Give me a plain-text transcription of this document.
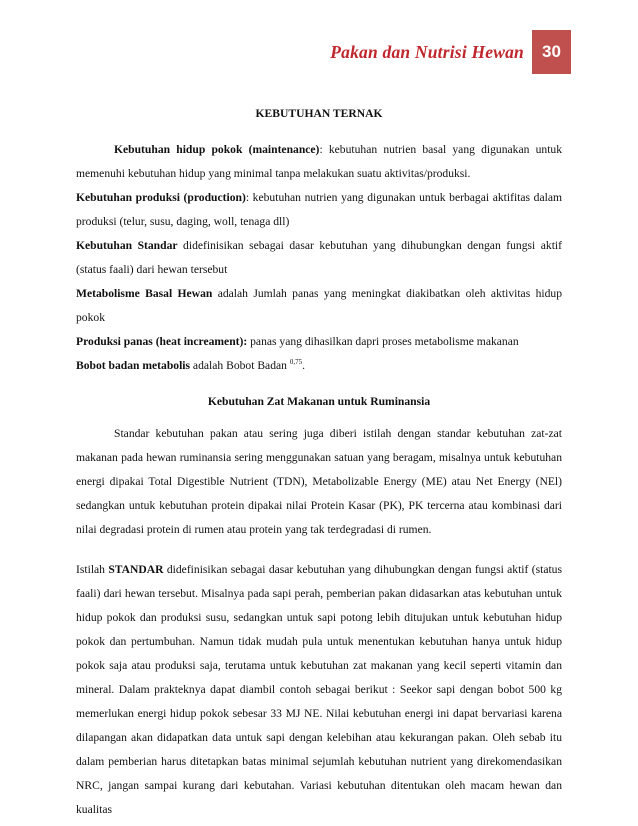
Pakan dan Nutrisi Hewan	30

KEBUTUHAN TERNAK

Kebutuhan hidup pokok (maintenance): kebutuhan nutrien basal yang digunakan untuk memenuhi kebutuhan hidup yang minimal tanpa melakukan suatu aktivitas/produksi.

Kebutuhan produksi (production): kebutuhan nutrien yang digunakan untuk berbagai aktifitas dalam produksi (telur, susu, daging, woll, tenaga dll)

Kebutuhan Standar didefinisikan sebagai dasar kebutuhan yang dihubungkan dengan fungsi aktif (status faali) dari hewan tersebut

Metabolisme Basal Hewan adalah Jumlah panas yang meningkat diakibatkan oleh aktivitas hidup pokok

Produksi panas (heat increament): panas yang dihasilkan dapri proses metabolisme makanan

Bobot badan metabolis adalah Bobot Badan $^{0,75}$.

Kebutuhan Zat Makanan untuk Ruminansia

Standar kebutuhan pakan atau sering juga diberi istilah dengan standar kebutuhan zat-zat makanan pada hewan ruminansia sering menggunakan satuan yang beragam, misalnya untuk kebutuhan energi dipakai Total Digestible Nutrient (TDN), Metabolizable Energy (ME) atau Net Energy (NEl) sedangkan untuk kebutuhan protein dipakai nilai Protein Kasar (PK), PK tercerna atau kombinasi dari nilai degradasi protein di rumen atau protein yang tak terdegradasi di rumen.

Istilah STANDAR didefinisikan sebagai dasar kebutuhan yang dihubungkan dengan fungsi aktif (status faali) dari hewan tersebut. Misalnya pada sapi perah, pemberian pakan didasarkan atas kebutuhan untuk hidup pokok dan produksi susu, sedangkan untuk sapi potong lebih ditujukan untuk kebutuhan hidup pokok dan pertumbuhan. Namun tidak mudah pula untuk menentukan kebutuhan hanya untuk hidup pokok saja atau produksi saja, terutama untuk kebutuhan zat makanan yang kecil seperti vitamin dan mineral. Dalam prakteknya dapat diambil contoh sebagai berikut : Seekor sapi dengan bobot 500 kg memerlukan energi hidup pokok sebesar 33 MJ NE. Nilai kebutuhan energi ini dapat bervariasi karena dilapangan akan didapatkan data untuk sapi dengan kelebihan atau kekurangan pakan. Oleh sebab itu dalam pemberian harus ditetapkan batas minimal sejumlah kebutuhan nutrient yang direkomendasikan NRC, jangan sampai kurang dari kebutahan. Variasi kebutuhan ditentukan oleh macam hewan dan kualitas
